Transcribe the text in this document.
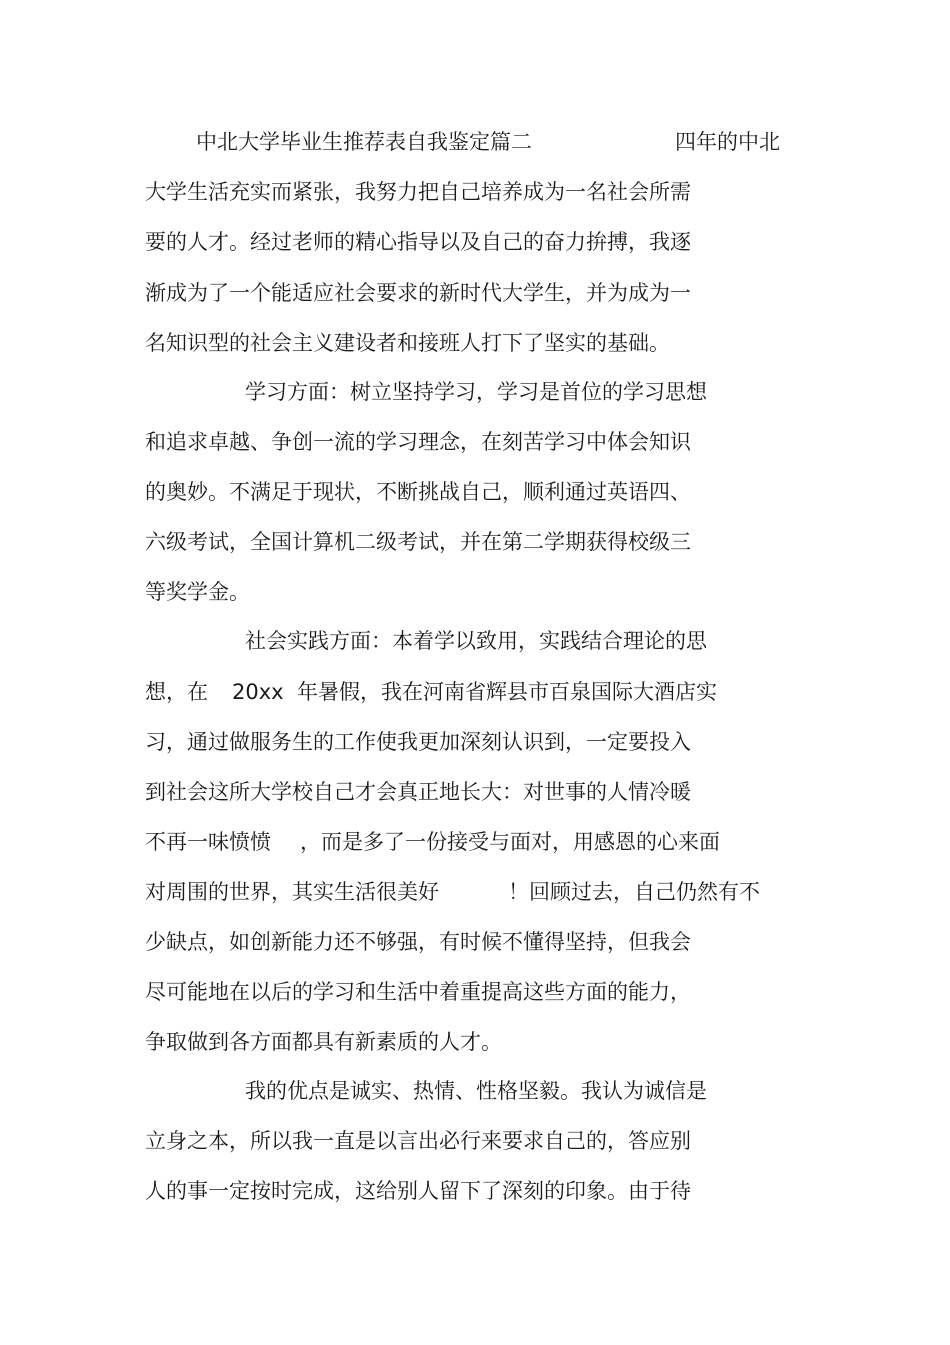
中北大学毕业生推荐表自我鉴定篇二	四年的中北
大学生活充实而紧张，我努力把自己培养成为一名社会所需
要的人才。经过老师的精心指导以及自己的奋力拚搏，我逐
渐成为了一个能适应社会要求的新时代大学生，并为成为一
名知识型的社会主义建设者和接班人打下了坚实的基础。
学习方面：树立坚持学习，学习是首位的学习思想
和追求卓越、争创一流的学习理念，在刻苦学习中体会知识
的奥妙。不满足于现状，不断挑战自己，顺利通过英语四、
六级考试，全国计算机二级考试，并在第二学期获得校级三
等奖学金。
社会实践方面：本着学以致用，实践结合理论的思
想，在 20xx 年暑假，我在河南省辉县市百泉国际大酒店实
习，通过做服务生的工作使我更加深刻认识到，一定要投入
到社会这所大学校自己才会真正地长大：对世事的人情冷暖
不再一味愤愤 ，而是多了一份接受与面对，用感恩的心来面
对周围的世界，其实生活很美好	！回顾过去，自己仍然有不
少缺点，如创新能力还不够强，有时候不懂得坚持，但我会
尽可能地在以后的学习和生活中着重提高这些方面的能力，
争取做到各方面都具有新素质的人才。
我的优点是诚实、热情、性格坚毅。我认为诚信是
立身之本，所以我一直是以言出必行来要求自己的，答应别
人的事一定按时完成，这给别人留下了深刻的印象。由于待
